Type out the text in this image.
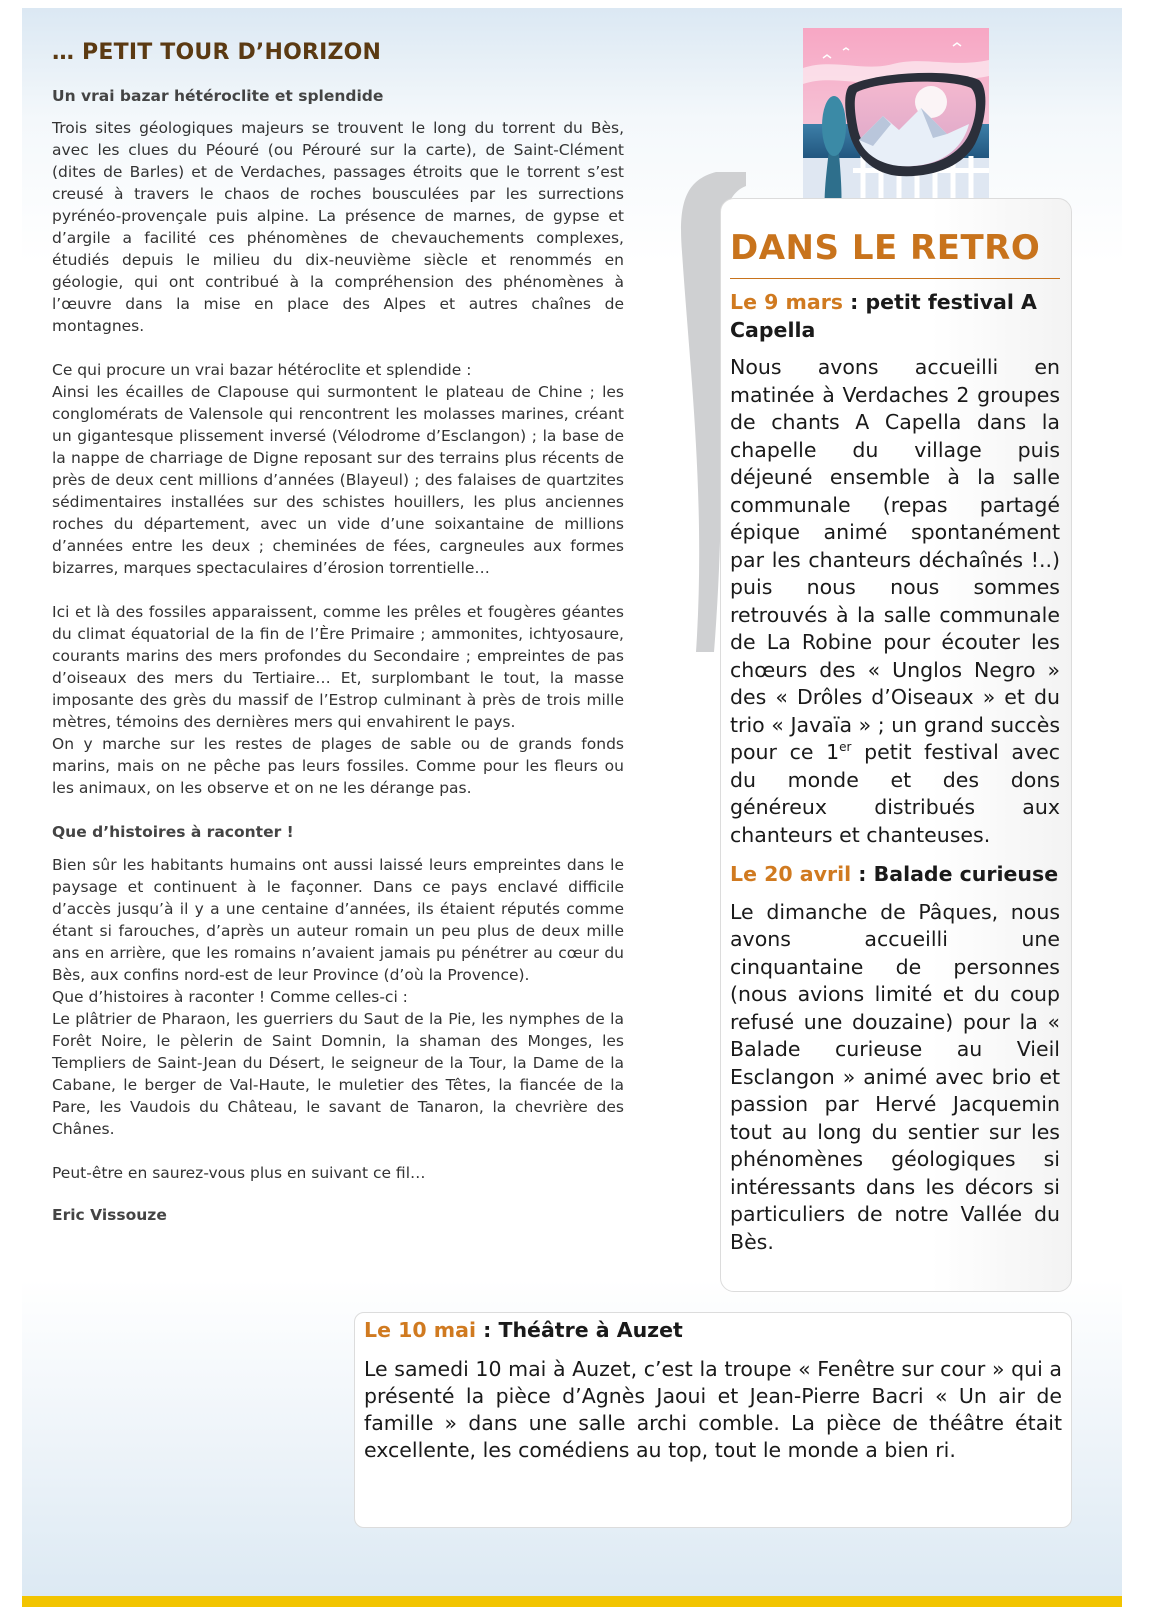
… PETIT TOUR D’HORIZON
Un vrai bazar hétéroclite et splendide

Trois sites géologiques majeurs se trouvent le long du torrent du Bès, avec les clues du Péouré (ou Pérouré sur la carte), de Saint-Clément (dites de Barles) et de Verdaches, passages étroits que le torrent s’est creusé à travers le chaos de roches bousculées par les surrections pyrénéo-provençale puis alpine. La présence de marnes, de gypse et d’argile a facilité ces phénomènes de chevauchements complexes, étudiés depuis le milieu du dix-neuvième siècle et renommés en géologie, qui ont contribué à la compréhension des phénomènes à l’œuvre dans la mise en place des Alpes et autres chaînes de montagnes.

Ce qui procure un vrai bazar hétéroclite et splendide :

Ainsi les écailles de Clapouse qui surmontent le plateau de Chine ; les conglomérats de Valensole qui rencontrent les molasses marines, créant un gigantesque plissement inversé (Vélodrome d’Esclangon) ; la base de la nappe de charriage de Digne reposant sur des terrains plus récents de près de deux cent millions d’années (Blayeul) ; des falaises de quartzites sédimentaires installées sur des schistes houillers, les plus anciennes roches du département, avec un vide d’une soixantaine de millions d’années entre les deux ; cheminées de fées, cargneules aux formes bizarres, marques spectaculaires d’érosion torrentielle…

Ici et là des fossiles apparaissent, comme les prêles et fougères géantes du climat équatorial de la fin de l’Ère Primaire ; ammonites, ichtyosaure, courants marins des mers profondes du Secondaire ; empreintes de pas d’oiseaux des mers du Tertiaire… Et, surplombant le tout, la masse imposante des grès du massif de l’Estrop culminant à près de trois mille mètres, témoins des dernières mers qui envahirent le pays.

On y marche sur les restes de plages de sable ou de grands fonds marins, mais on ne pêche pas leurs fossiles. Comme pour les fleurs ou les animaux, on les observe et on ne les dérange pas.

Que d’histoires à raconter !

Bien sûr les habitants humains ont aussi laissé leurs empreintes dans le paysage et continuent à le façonner. Dans ce pays enclavé difficile d’accès jusqu’à il y a une centaine d’années, ils étaient réputés comme étant si farouches, d’après un auteur romain un peu plus de deux mille ans en arrière, que les romains n’avaient jamais pu pénétrer au cœur du Bès, aux confins nord-est de leur Province (d’où la Provence).

Que d’histoires à raconter ! Comme celles-ci :

Le plâtrier de Pharaon, les guerriers du Saut de la Pie, les nymphes de la Forêt Noire, le pèlerin de Saint Domnin, la shaman des Monges, les Templiers de Saint-Jean du Désert, le seigneur de la Tour, la Dame de la Cabane, le berger de Val-Haute, le muletier des Têtes, la fiancée de la Pare, les Vaudois du Château, le savant de Tanaron, la chevrière des Chânes.

Peut-être en saurez-vous plus en suivant ce fil…

Eric Vissouze
DANS LE RETRO
Le 9 mars : petit festival A Capella

Nous avons accueilli en matinée à Verdaches 2 groupes de chants A Capella dans la chapelle du village puis déjeuné ensemble à la salle communale (repas partagé épique animé spontanément par les chanteurs déchaînés !..) puis nous nous sommes retrouvés à la salle communale de La Robine pour écouter les chœurs des « Unglos Negro » des « Drôles d’Oiseaux » et du trio « Javaïa » ; un grand succès pour ce 1er petit festival avec du monde et des dons généreux distribués aux chanteurs et chanteuses.

Le 20 avril : Balade curieuse

Le dimanche de Pâques, nous avons accueilli une cinquantaine de personnes (nous avions limité et du coup refusé une douzaine) pour la « Balade curieuse au Vieil Esclangon » animé avec brio et passion par Hervé Jacquemin tout au long du sentier sur les phénomènes géologiques si intéressants dans les décors si particuliers de notre Vallée du Bès.

Le 10 mai : Théâtre à Auzet

Le samedi 10 mai à Auzet, c’est la troupe « Fenêtre sur cour » qui a présenté la pièce d’Agnès Jaoui et Jean-Pierre Bacri « Un air de famille » dans une salle archi comble. La pièce de théâtre était excellente, les comédiens au top, tout le monde a bien ri.
